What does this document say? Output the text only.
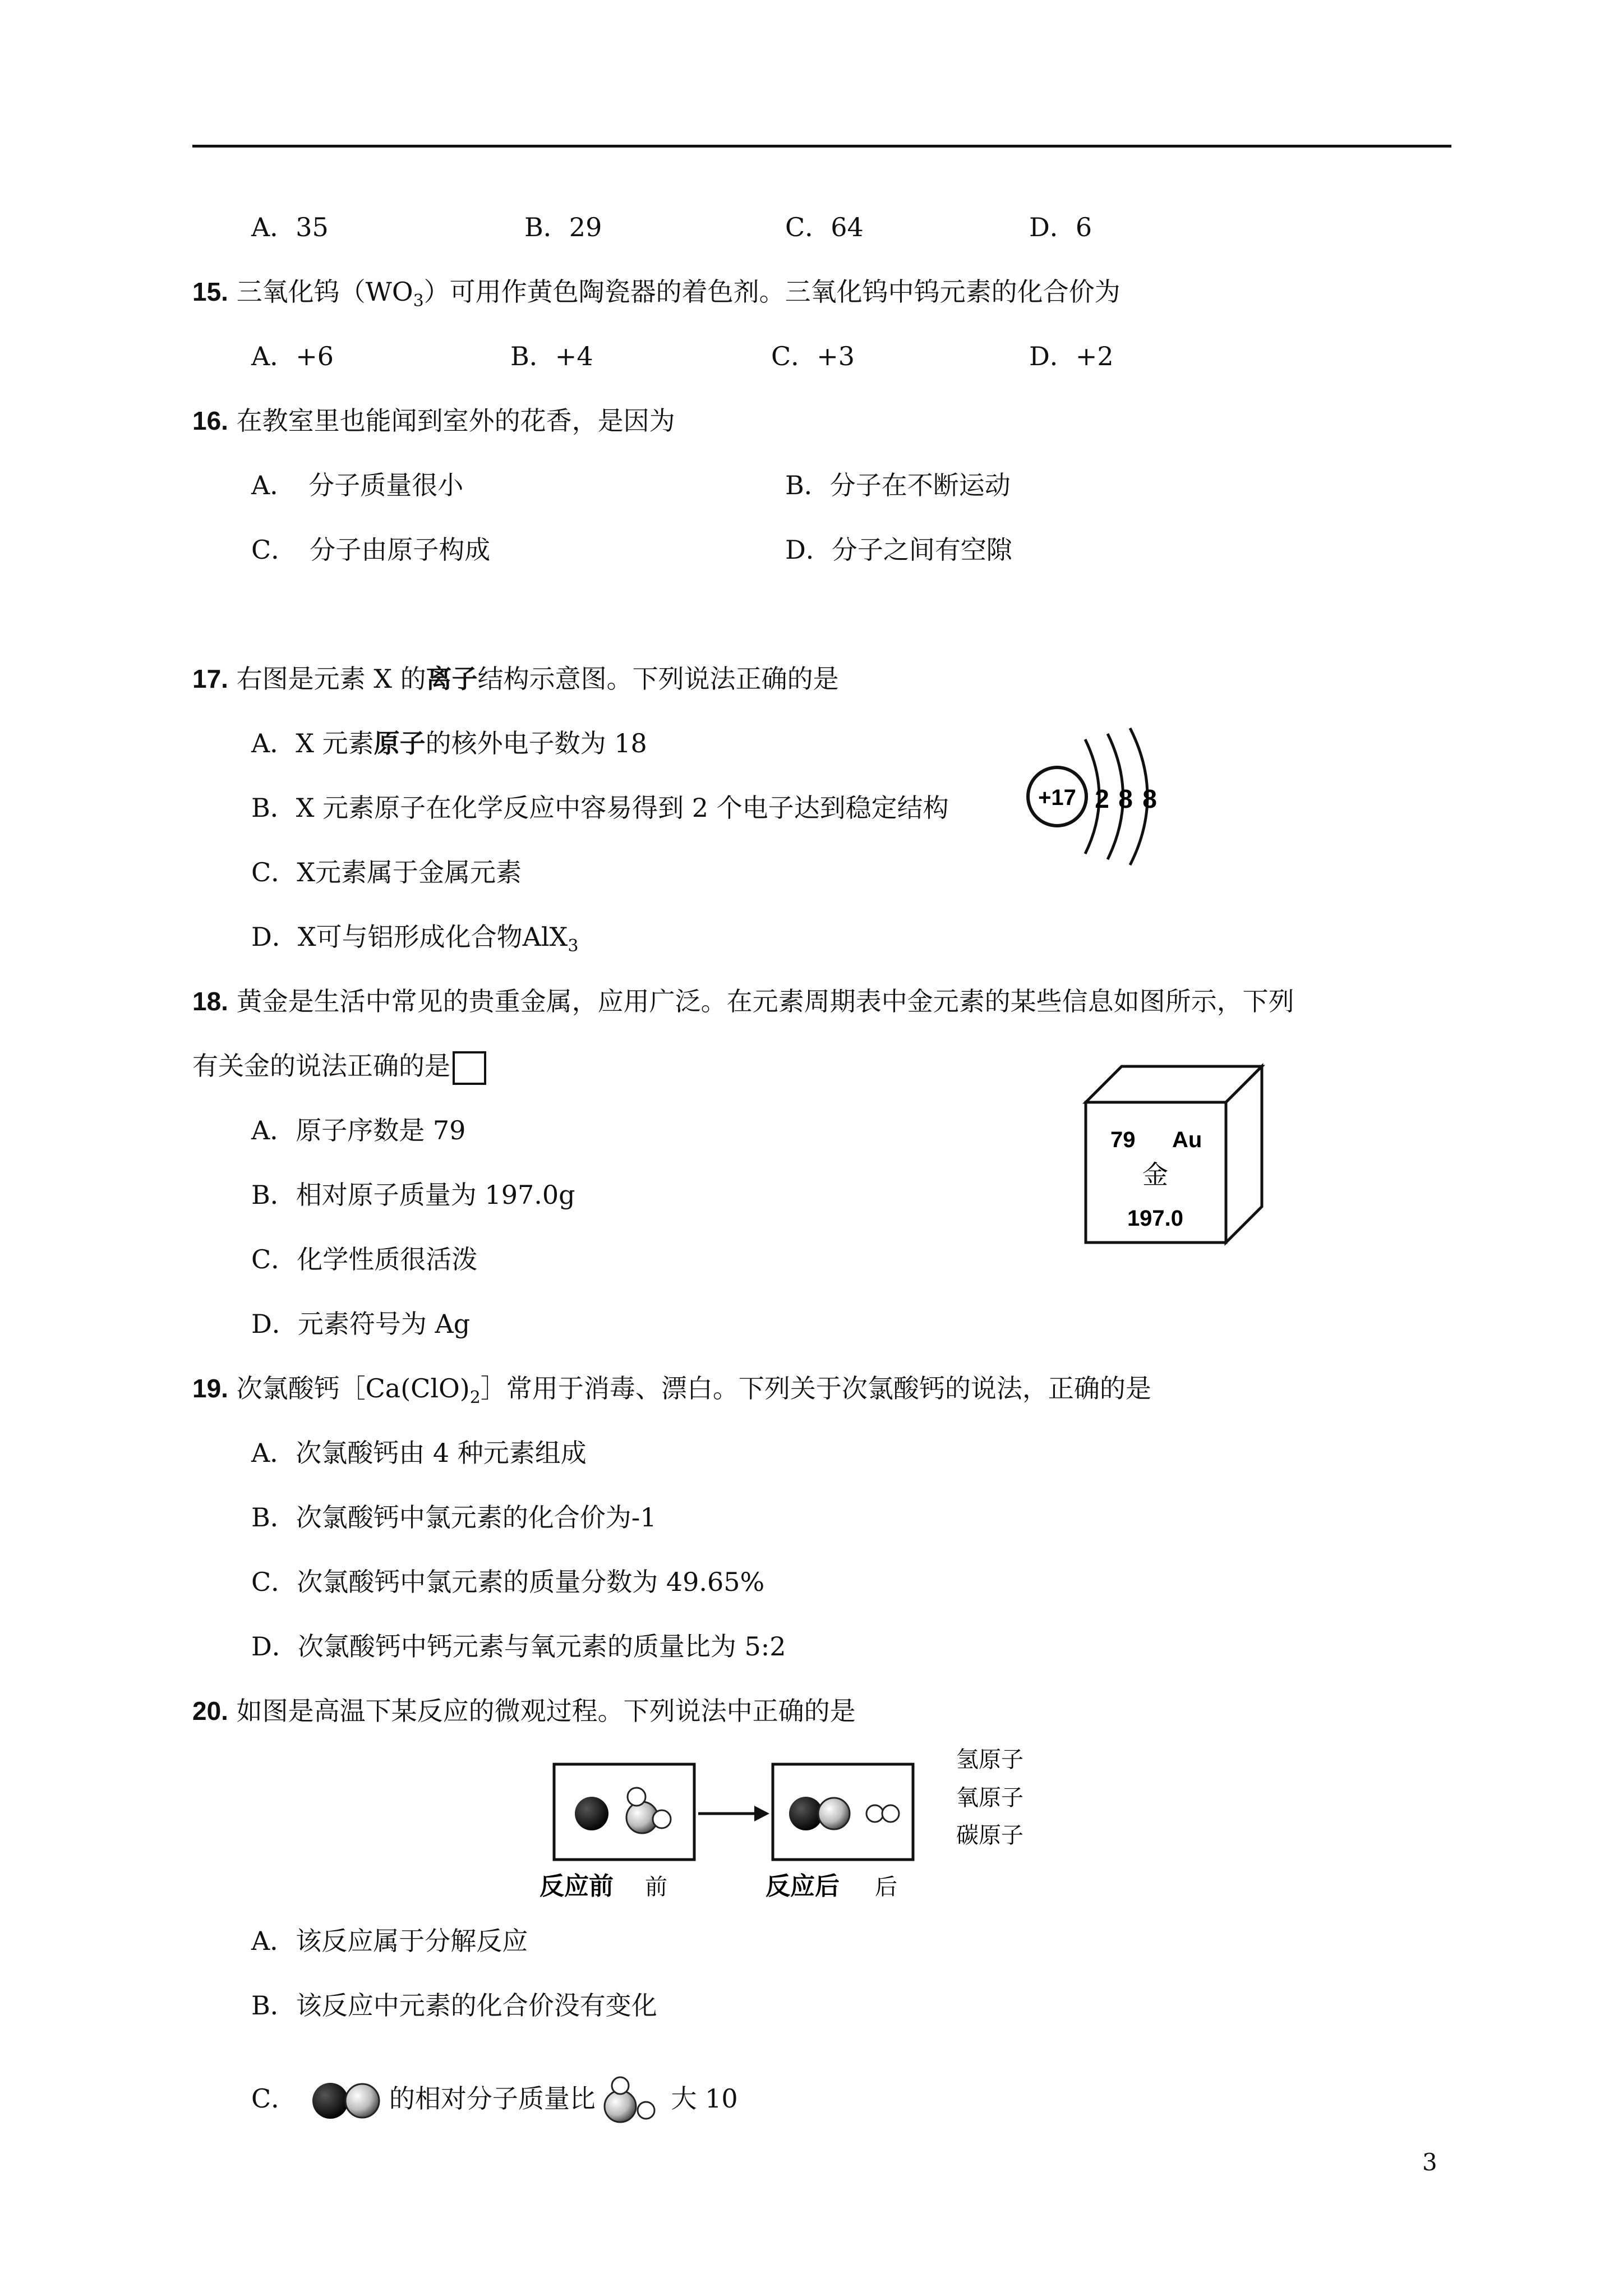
A．35	B．29	C．64	D．6
15. 三氧化钨$(WO_3)$可用作黄色陶瓷器的着色剂。三氧化钨中钨元素的化合价为
A．+6	B．+4	C．+3	D．+2
16. 在教室里也能闻到室外的花香，是因为
A．　分子质量很小	B．分子在不断运动
C．　分子由原子构成	D．分子之间有空隙
17. 右图是元素 X 的离子结构示意图。下列说法正确的是
A．X 元素原子的核外电子数为 18
B．X 元素原子在化学反应中容易得到 2 个电子达到稳定结构
C．X元素属于金属元素
D．X可与铝形成化合物AlX$_3$
+17 2 8 8
18. 黄金是生活中常见的贵重金属，应用广泛。在元素周期表中金元素的某些信息如图所示，下列
有关金的说法正确的是
A．原子序数是 79
B．相对原子质量为 197.0g
C．化学性质很活泼
D．元素符号为 Ag
79 Au
金
197.0
19. 次氯酸钙$[Ca(ClO)_2]$常用于消毒、漂白。下列关于次氯酸钙的说法，正确的是
A．次氯酸钙由 4 种元素组成
B．次氯酸钙中氯元素的化合价为-1
C．次氯酸钙中氯元素的质量分数为 49.65%
D．次氯酸钙中钙元素与氧元素的质量比为 5:2
20. 如图是高温下某反应的微观过程。下列说法中正确的是
氢原子
氧原子
碳原子
反应前 前	反应后 后
A．该反应属于分解反应
B．该反应中元素的化合价没有变化
C．	的相对分子质量比	大 10
3
